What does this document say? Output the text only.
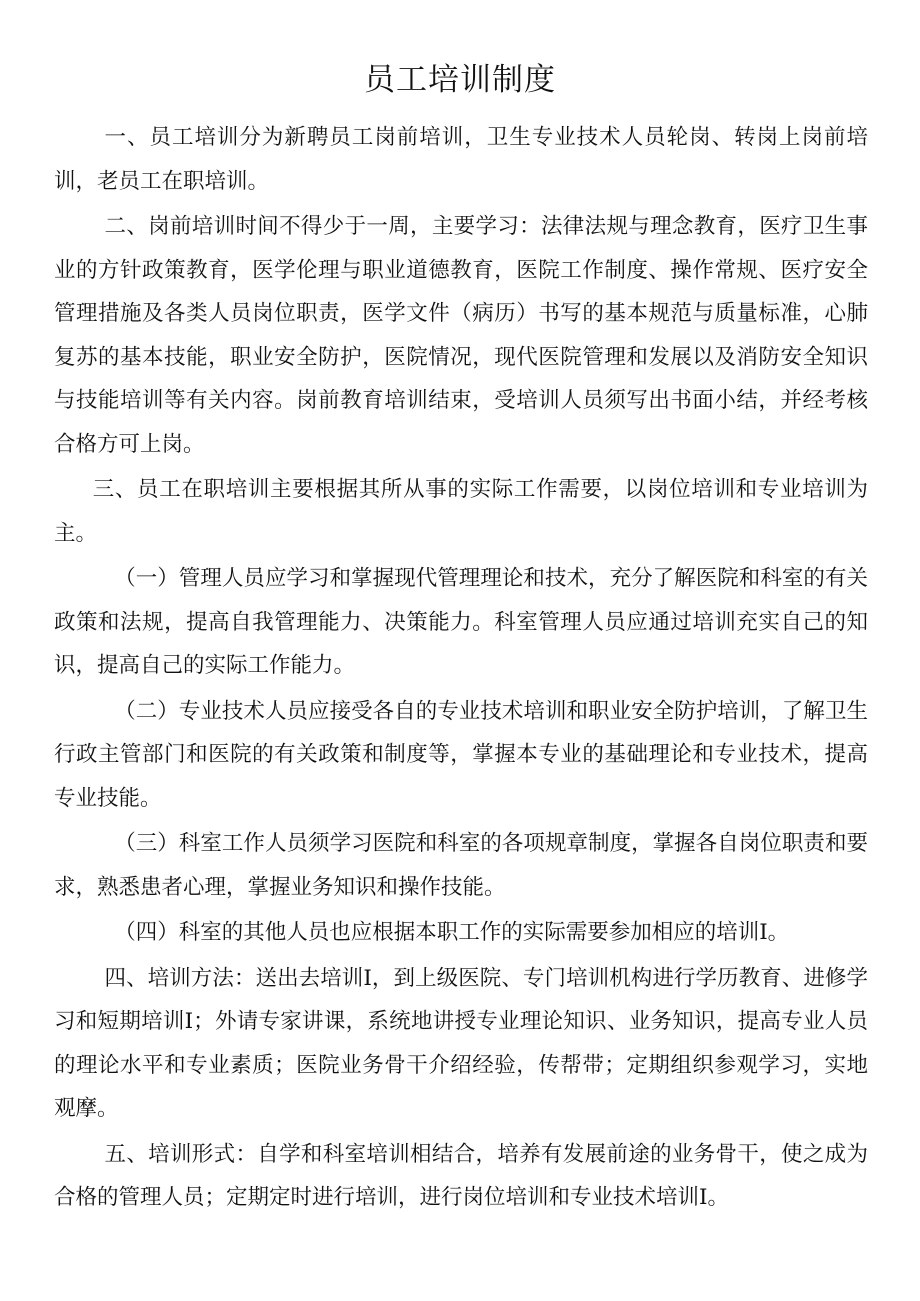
员工培训制度

一、员工培训分为新聘员工岗前培训，卫生专业技术人员轮岗、转岗上岗前培训，老员工在职培训。

二、岗前培训时间不得少于一周，主要学习：法律法规与理念教育，医疗卫生事业的方针政策教育，医学伦理与职业道德教育，医院工作制度、操作常规、医疗安全管理措施及各类人员岗位职责，医学文件（病历）书写的基本规范与质量标准，心肺复苏的基本技能，职业安全防护，医院情况，现代医院管理和发展以及消防安全知识与技能培训等有关内容。岗前教育培训结束，受培训人员须写出书面小结，并经考核合格方可上岗。

三、员工在职培训主要根据其所从事的实际工作需要，以岗位培训和专业培训为主。

（一）管理人员应学习和掌握现代管理理论和技术，充分了解医院和科室的有关政策和法规，提高自我管理能力、决策能力。科室管理人员应通过培训充实自己的知识，提高自己的实际工作能力。

（二）专业技术人员应接受各自的专业技术培训和职业安全防护培训，了解卫生行政主管部门和医院的有关政策和制度等，掌握本专业的基础理论和专业技术，提高专业技能。

（三）科室工作人员须学习医院和科室的各项规章制度，掌握各自岗位职责和要求，熟悉患者心理，掌握业务知识和操作技能。

（四）科室的其他人员也应根据本职工作的实际需要参加相应的培训I。

四、培训方法：送出去培训I，到上级医院、专门培训机构进行学历教育、进修学习和短期培训I；外请专家讲课，系统地讲授专业理论知识、业务知识，提高专业人员的理论水平和专业素质；医院业务骨干介绍经验，传帮带；定期组织参观学习，实地观摩。

五、培训形式：自学和科室培训相结合，培养有发展前途的业务骨干，使之成为合格的管理人员；定期定时进行培训，进行岗位培训和专业技术培训I。
